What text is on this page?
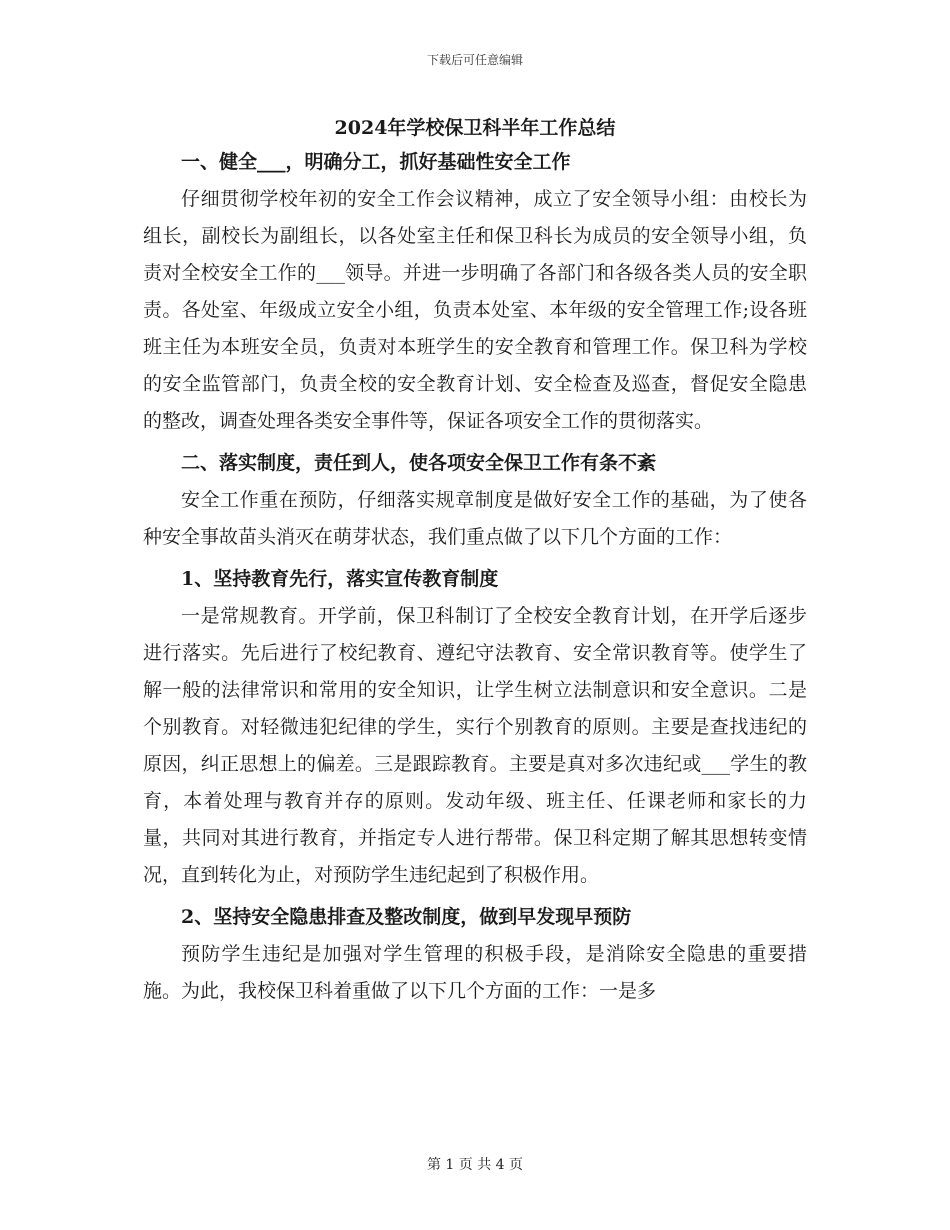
下载后可任意编辑
2024年学校保卫科半年工作总结
一、健全___，明确分工，抓好基础性安全工作
仔细贯彻学校年初的安全工作会议精神，成立了安全领导小组：由校长为组长，副校长为副组长，以各处室主任和保卫科长为成员的安全领导小组，负责对全校安全工作的___领导。并进一步明确了各部门和各级各类人员的安全职责。各处室、年级成立安全小组，负责本处室、本年级的安全管理工作;设各班班主任为本班安全员，负责对本班学生的安全教育和管理工作。保卫科为学校的安全监管部门，负责全校的安全教育计划、安全检查及巡查，督促安全隐患的整改，调查处理各类安全事件等，保证各项安全工作的贯彻落实。
二、落实制度，责任到人，使各项安全保卫工作有条不紊
安全工作重在预防，仔细落实规章制度是做好安全工作的基础，为了使各种安全事故苗头消灭在萌芽状态，我们重点做了以下几个方面的工作：
1、坚持教育先行，落实宣传教育制度
一是常规教育。开学前，保卫科制订了全校安全教育计划，在开学后逐步进行落实。先后进行了校纪教育、遵纪守法教育、安全常识教育等。使学生了解一般的法律常识和常用的安全知识，让学生树立法制意识和安全意识。二是个别教育。对轻微违犯纪律的学生，实行个别教育的原则。主要是查找违纪的原因，纠正思想上的偏差。三是跟踪教育。主要是真对多次违纪或___学生的教育，本着处理与教育并存的原则。发动年级、班主任、任课老师和家长的力量，共同对其进行教育，并指定专人进行帮带。保卫科定期了解其思想转变情况，直到转化为止，对预防学生违纪起到了积极作用。
2、坚持安全隐患排查及整改制度，做到早发现早预防
预防学生违纪是加强对学生管理的积极手段，是消除安全隐患的重要措施。为此，我校保卫科着重做了以下几个方面的工作：一是多
第 1 页 共 4 页
